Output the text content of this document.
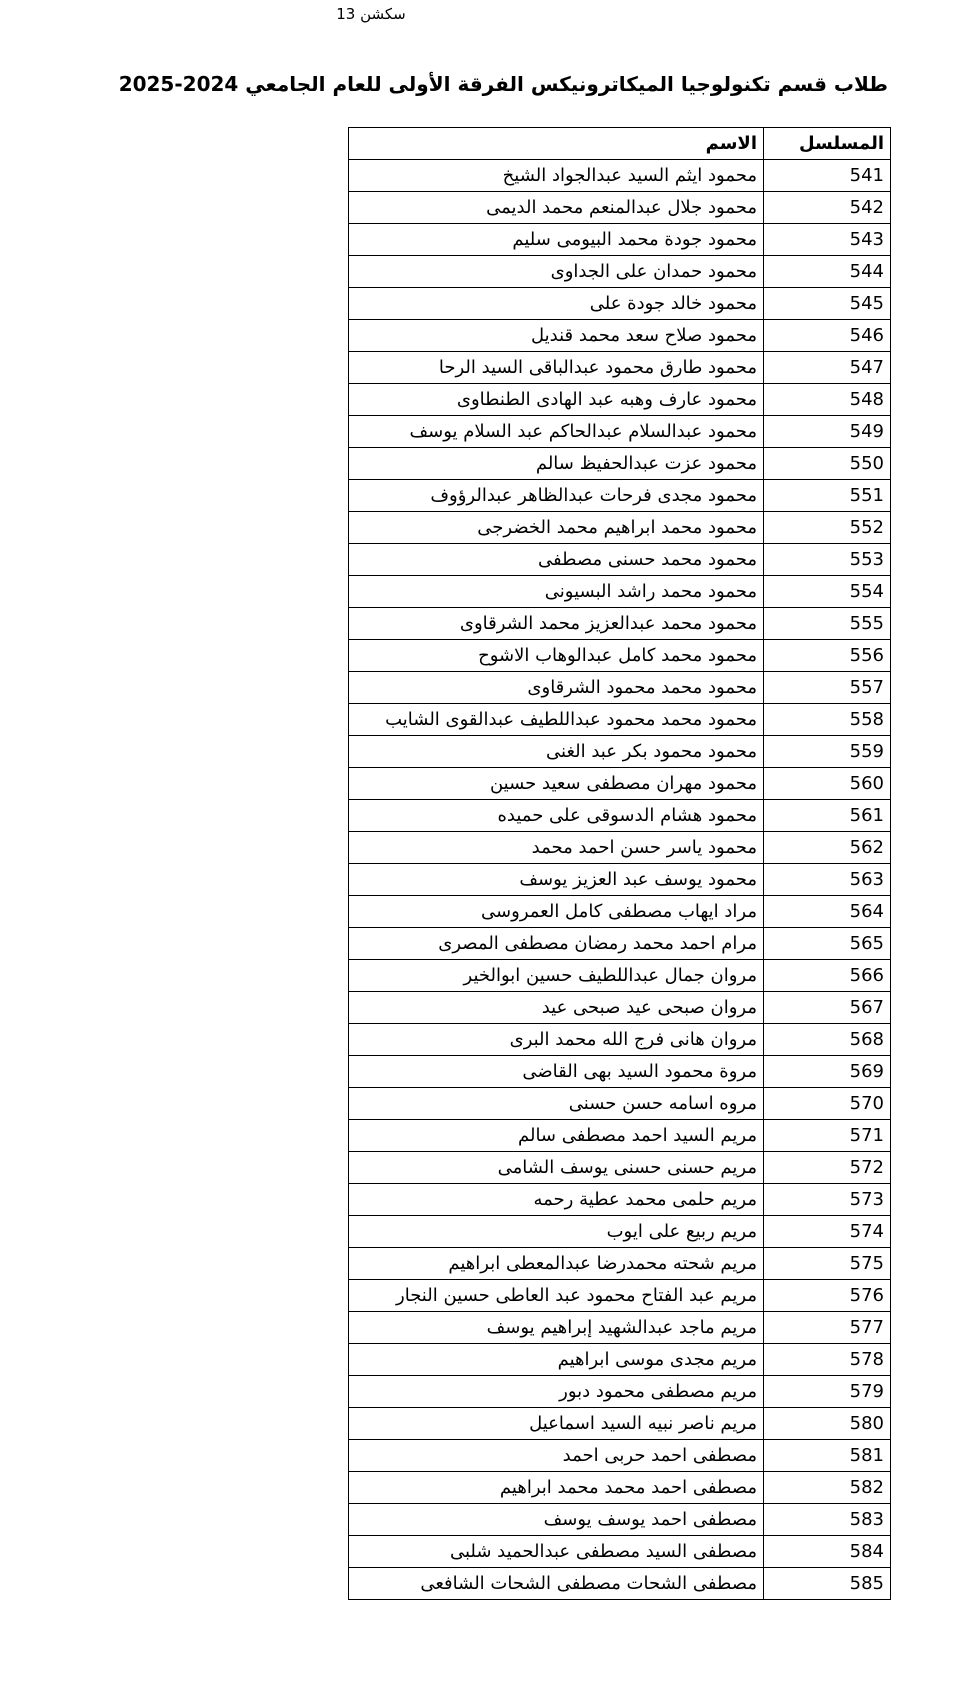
سكشن 13
طلاب قسم تكنولوجيا الميكاترونيكس الفرقة الأولى للعام الجامعي 2024-2025
المسلسل	الاسم
541	محمود ايثم السيد عبدالجواد الشيخ
542	محمود جلال عبدالمنعم محمد الديمى
543	محمود جودة محمد البيومى سليم
544	محمود حمدان على الجداوى
545	محمود خالد جودة على
546	محمود صلاح سعد محمد قنديل
547	محمود طارق محمود عبدالباقى السيد الرحا
548	محمود عارف وهبه عبد الهادى الطنطاوى
549	محمود عبدالسلام عبدالحاكم عبد السلام يوسف
550	محمود عزت عبدالحفيظ سالم
551	محمود مجدى فرحات عبدالظاهر عبدالرؤوف
552	محمود محمد ابراهيم محمد الخضرجى
553	محمود محمد حسنى مصطفى
554	محمود محمد راشد البسيونى
555	محمود محمد عبدالعزيز محمد الشرقاوى
556	محمود محمد كامل عبدالوهاب الاشوح
557	محمود محمد محمود الشرقاوى
558	محمود محمد محمود عبداللطيف عبدالقوى الشايب
559	محمود محمود بكر عبد الغنى
560	محمود مهران مصطفى سعيد حسين
561	محمود هشام الدسوقى على حميده
562	محمود ياسر حسن احمد محمد
563	محمود يوسف عبد العزيز يوسف
564	مراد ايهاب مصطفى كامل العمروسى
565	مرام احمد محمد رمضان مصطفى المصرى
566	مروان جمال عبداللطيف حسين ابوالخير
567	مروان صبحى عيد صبحى عيد
568	مروان هانى فرج الله محمد البرى
569	مروة محمود السيد بهى القاضى
570	مروه اسامه حسن حسنى
571	مريم السيد احمد مصطفى سالم
572	مريم حسنى حسنى يوسف الشامى
573	مريم حلمى محمد عطية رحمه
574	مريم ربيع على ايوب
575	مريم شحته محمدرضا عبدالمعطى ابراهيم
576	مريم عبد الفتاح محمود عبد العاطى حسين النجار
577	مريم ماجد عبدالشهيد إبراهيم يوسف
578	مريم مجدى موسى ابراهيم
579	مريم مصطفى محمود دبور
580	مريم ناصر نبيه السيد اسماعيل
581	مصطفى احمد حربى احمد
582	مصطفى احمد محمد محمد ابراهيم
583	مصطفى احمد يوسف يوسف
584	مصطفى السيد مصطفى عبدالحميد شلبى
585	مصطفى الشحات مصطفى الشحات الشافعى
